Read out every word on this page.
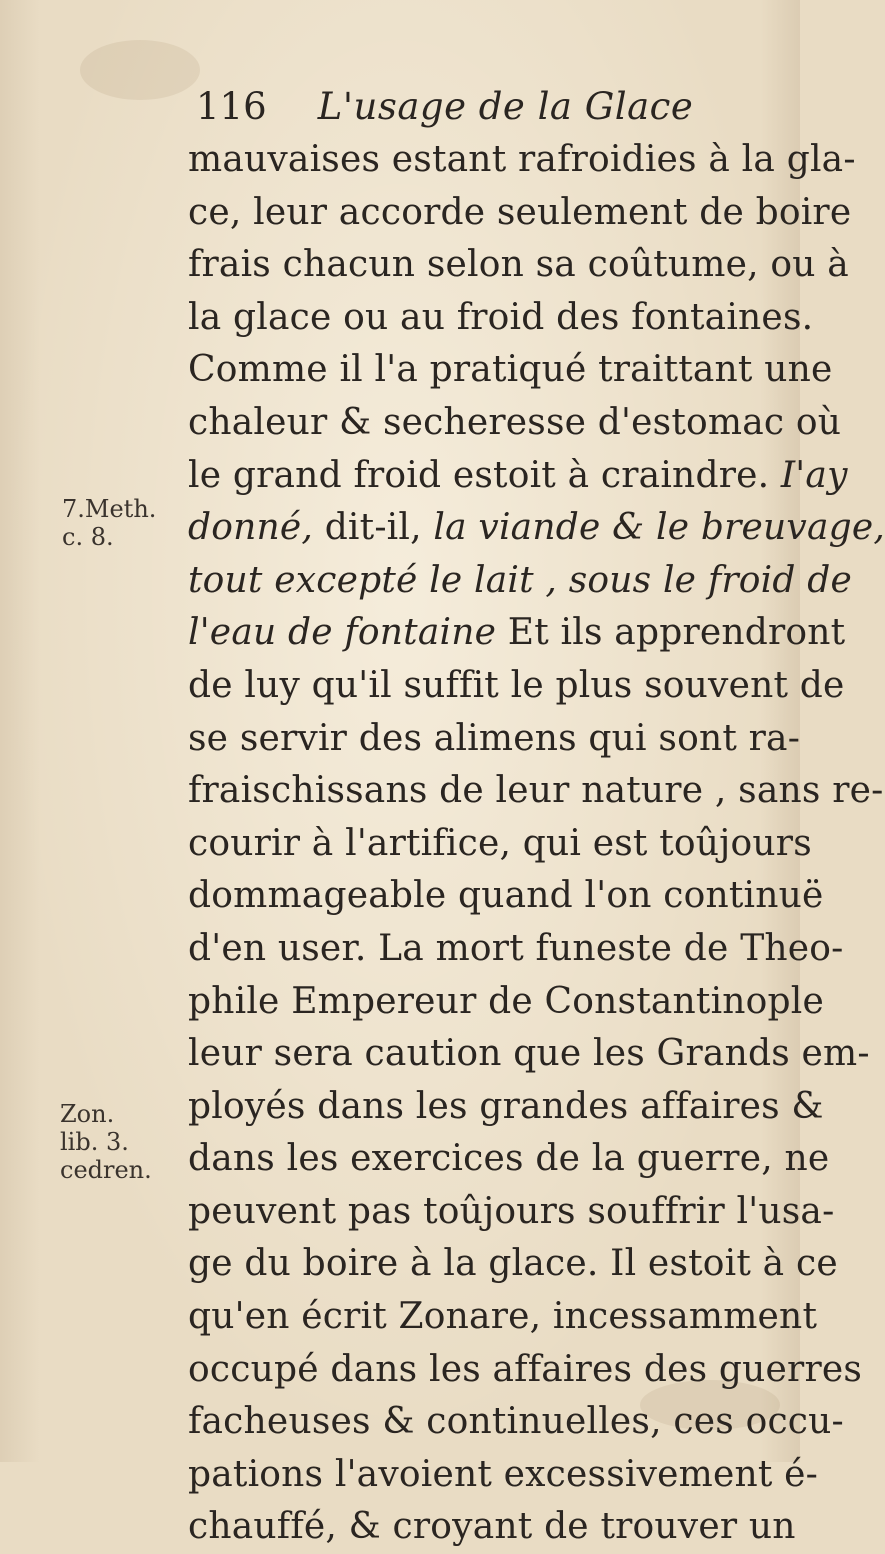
116 L'usage de la Glace
7.Meth.
c. 8.
Zon.
lib. 3.
cedren.
mauvaises estant rafroidies à la gla-
ce, leur accorde seulement de boire
frais chacun selon sa coûtume, ou à
la glace ou au froid des fontaines.
Comme il l'a pratiqué traittant une
chaleur & secheresse d'estomac où
le grand froid estoit à craindre. I'ay
donné, dit-il, la viande & le breuvage,
tout excepté le lait , sous le froid de
l'eau de fontaine Et ils apprendront
de luy qu'il suffit le plus souvent de
se servir des alimens qui sont ra-
fraischissans de leur nature , sans re-
courir à l'artifice, qui est toûjours
dommageable quand l'on continuë
d'en user. La mort funeste de Theo-
phile Empereur de Constantinople
leur sera caution que les Grands em-
ployés dans les grandes affaires &
dans les exercices de la guerre, ne
peuvent pas toûjours souffrir l'usa-
ge du boire à la glace. Il estoit à ce
qu'en écrit Zonare, incessamment
occupé dans les affaires des guerres
facheuses & continuelles, ces occu-
pations l'avoient excessivement é-
chauffé, & croyant de trouver un
